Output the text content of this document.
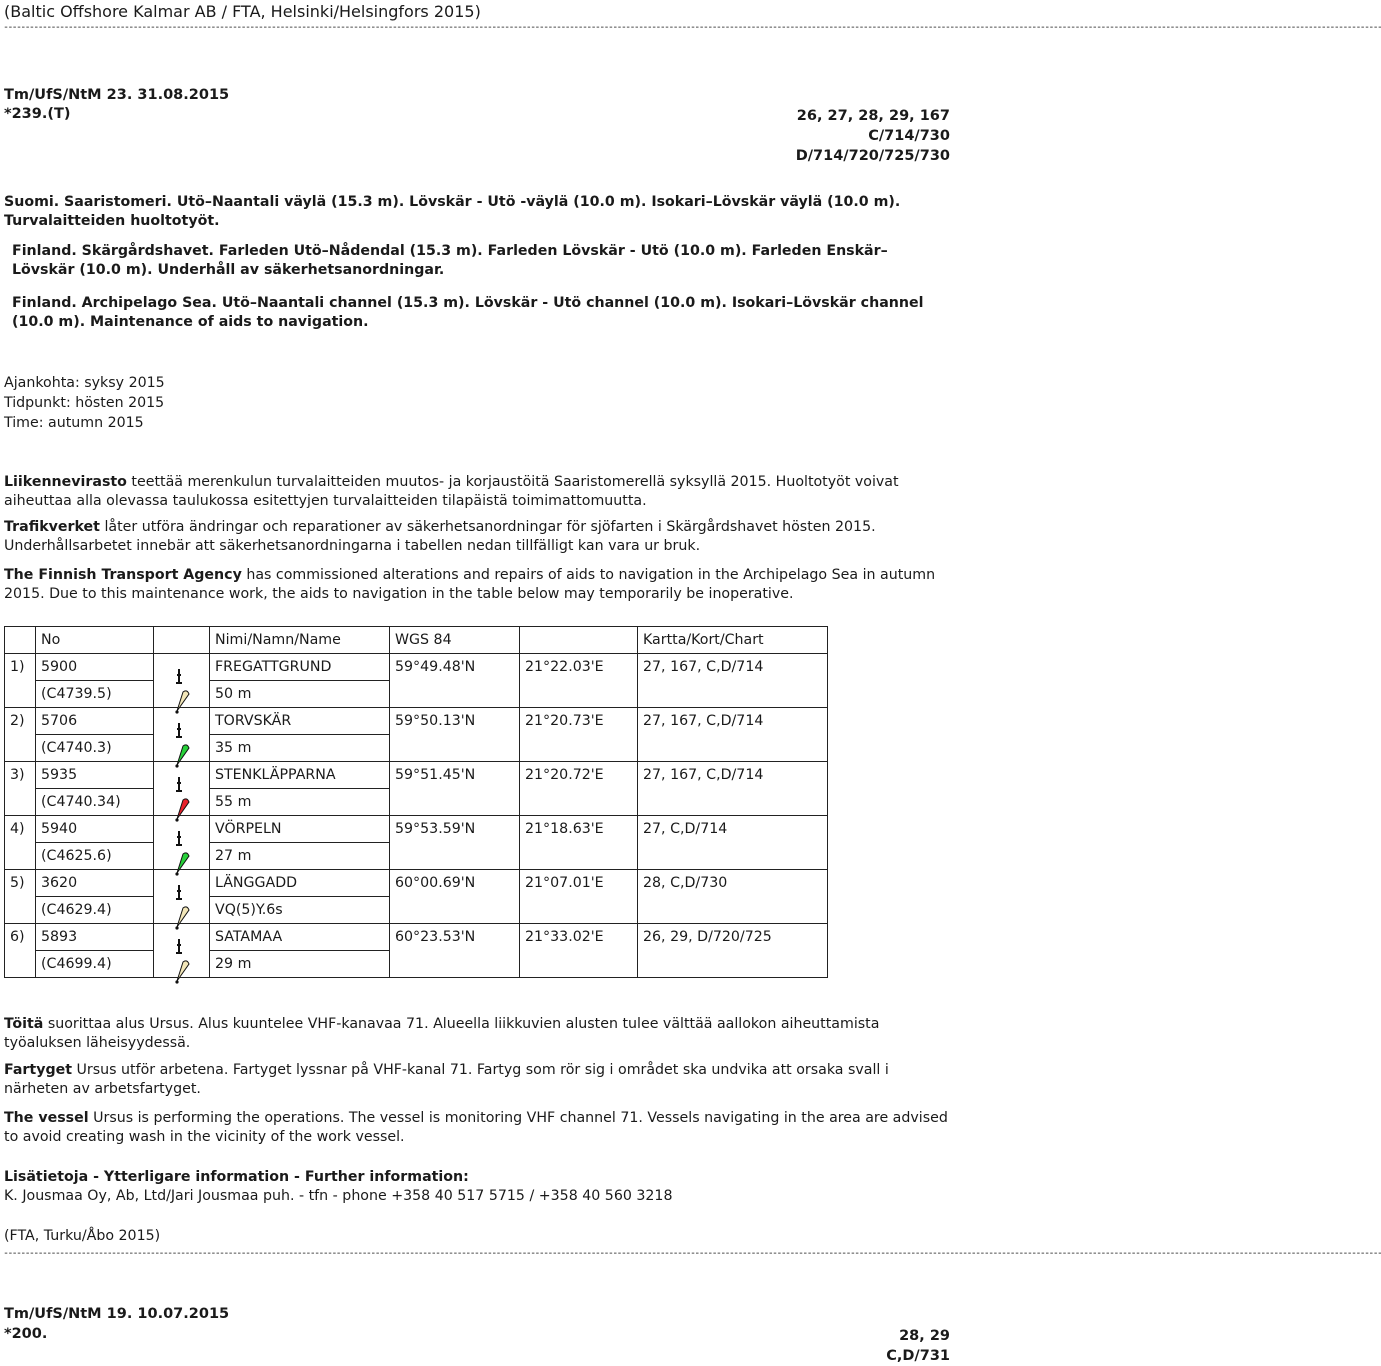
(Baltic Offshore Kalmar AB / FTA, Helsinki/Helsingfors 2015)
-------------------------------------------------------------------------------------------------------------------------------------------------------------------------------------------------------------------------------------------------------------------------------------------------------------------------------
Tm/UfS/NtM 23. 31.08.2015
*239.(T)	26, 27, 28, 29, 167
C/714/730
D/714/720/725/730
Suomi. Saaristomeri. Utö–Naantali väylä (15.3 m). Lövskär - Utö -väylä (10.0 m). Isokari–Lövskär väylä (10.0 m). Turvalaitteiden huoltotyöt.
Finland. Skärgårdshavet. Farleden Utö–Nådendal (15.3 m). Farleden Lövskär - Utö (10.0 m). Farleden Enskär–Lövskär (10.0 m). Underhåll av säkerhetsanordningar.
Finland. Archipelago Sea. Utö–Naantali channel (15.3 m). Lövskär - Utö channel (10.0 m). Isokari–Lövskär channel (10.0 m). Maintenance of aids to navigation.
Ajankohta: syksy 2015
Tidpunkt: hösten 2015
Time: autumn 2015
Liikennevirasto teettää merenkulun turvalaitteiden muutos- ja korjaustöitä Saaristomerellä syksyllä 2015. Huoltotyöt voivat aiheuttaa alla olevassa taulukossa esitettyjen turvalaitteiden tilapäistä toimimattomuutta.
Trafikverket låter utföra ändringar och reparationer av säkerhetsanordningar för sjöfarten i Skärgårdshavet hösten 2015. Underhållsarbetet innebär att säkerhetsanordningarna i tabellen nedan tillfälligt kan vara ur bruk.
The Finnish Transport Agency has commissioned alterations and repairs of aids to navigation in the Archipelago Sea in autumn 2015. Due to this maintenance work, the aids to navigation in the table below may temporarily be inoperative.
	No		Nimi/Namn/Name	WGS 84		Kartta/Kort/Chart
1)	5900		FREGATTGRUND	59°49.48'N	21°22.03'E	27, 167, C,D/714
	(C4739.5)		50 m			
2)	5706		TORVSKÄR	59°50.13'N	21°20.73'E	27, 167, C,D/714
	(C4740.3)		35 m			
3)	5935		STENKLÄPPARNA	59°51.45'N	21°20.72'E	27, 167, C,D/714
	(C4740.34)		55 m			
4)	5940		VÖRPELN	59°53.59'N	21°18.63'E	27, C,D/714
	(C4625.6)		27 m			
5)	3620		LÄNGGADD	60°00.69'N	21°07.01'E	28, C,D/730
	(C4629.4)		VQ(5)Y.6s			
6)	5893		SATAMAA	60°23.53'N	21°33.02'E	26, 29, D/720/725
	(C4699.4)		29 m			
Töitä suorittaa alus Ursus. Alus kuuntelee VHF-kanavaa 71. Alueella liikkuvien alusten tulee välttää aallokon aiheuttamista työaluksen läheisyydessä.
Fartyget Ursus utför arbetena. Fartyget lyssnar på VHF-kanal 71. Fartyg som rör sig i området ska undvika att orsaka svall i närheten av arbetsfartyget.
The vessel Ursus is performing the operations. The vessel is monitoring VHF channel 71. Vessels navigating in the area are advised to avoid creating wash in the vicinity of the work vessel.
Lisätietoja - Ytterligare information - Further information:
K. Jousmaa Oy, Ab, Ltd/Jari Jousmaa puh. - tfn - phone +358 40 517 5715 / +358 40 560 3218
(FTA, Turku/Åbo 2015)
-------------------------------------------------------------------------------------------------------------------------------------------------------------------------------------------------------------------------------------------------------------------------------------------------------------------------------
Tm/UfS/NtM 19. 10.07.2015
*200.	28, 29
C,D/731
